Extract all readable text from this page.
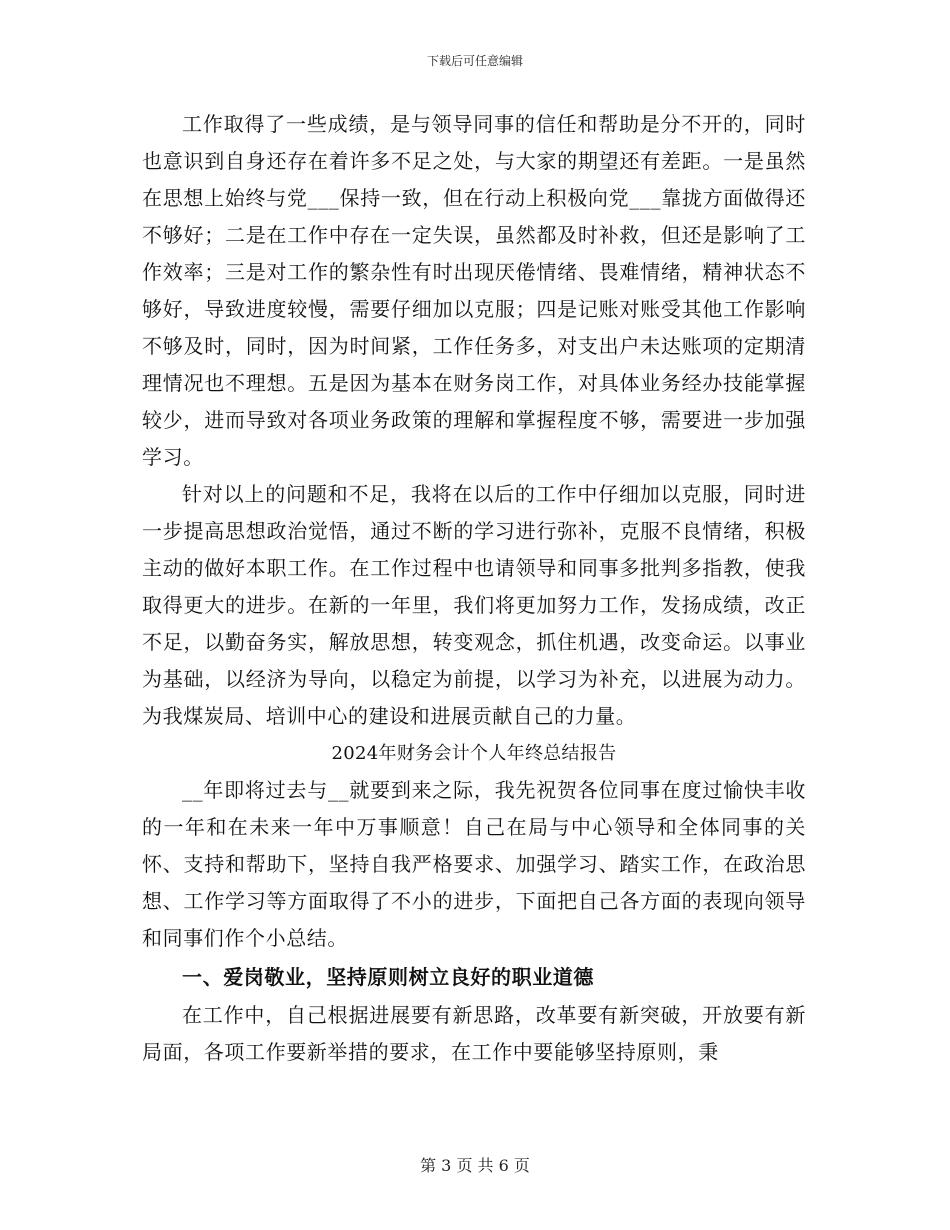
下载后可任意编辑

工作取得了一些成绩，是与领导同事的信任和帮助是分不开的，同时也意识到自身还存在着许多不足之处，与大家的期望还有差距。一是虽然在思想上始终与党___保持一致，但在行动上积极向党___靠拢方面做得还不够好；二是在工作中存在一定失误，虽然都及时补救，但还是影响了工作效率；三是对工作的繁杂性有时出现厌倦情绪、畏难情绪，精神状态不够好，导致进度较慢，需要仔细加以克服；四是记账对账受其他工作影响不够及时，同时，因为时间紧，工作任务多，对支出户未达账项的定期清理情况也不理想。五是因为基本在财务岗工作，对具体业务经办技能掌握较少，进而导致对各项业务政策的理解和掌握程度不够，需要进一步加强学习。

针对以上的问题和不足，我将在以后的工作中仔细加以克服，同时进一步提高思想政治觉悟，通过不断的学习进行弥补，克服不良情绪，积极主动的做好本职工作。在工作过程中也请领导和同事多批判多指教，使我取得更大的进步。在新的一年里，我们将更加努力工作，发扬成绩，改正不足，以勤奋务实，解放思想，转变观念，抓住机遇，改变命运。以事业为基础，以经济为导向，以稳定为前提，以学习为补充，以进展为动力。为我煤炭局、培训中心的建设和进展贡献自己的力量。

2024年财务会计个人年终总结报告

__年即将过去与__就要到来之际，我先祝贺各位同事在度过愉快丰收的一年和在未来一年中万事顺意！自己在局与中心领导和全体同事的关怀、支持和帮助下，坚持自我严格要求、加强学习、踏实工作，在政治思想、工作学习等方面取得了不小的进步，下面把自己各方面的表现向领导和同事们作个小总结。

一、爱岗敬业，坚持原则树立良好的职业道德

在工作中，自己根据进展要有新思路，改革要有新突破，开放要有新局面，各项工作要新举措的要求，在工作中要能够坚持原则，秉

第 3 页 共 6 页
